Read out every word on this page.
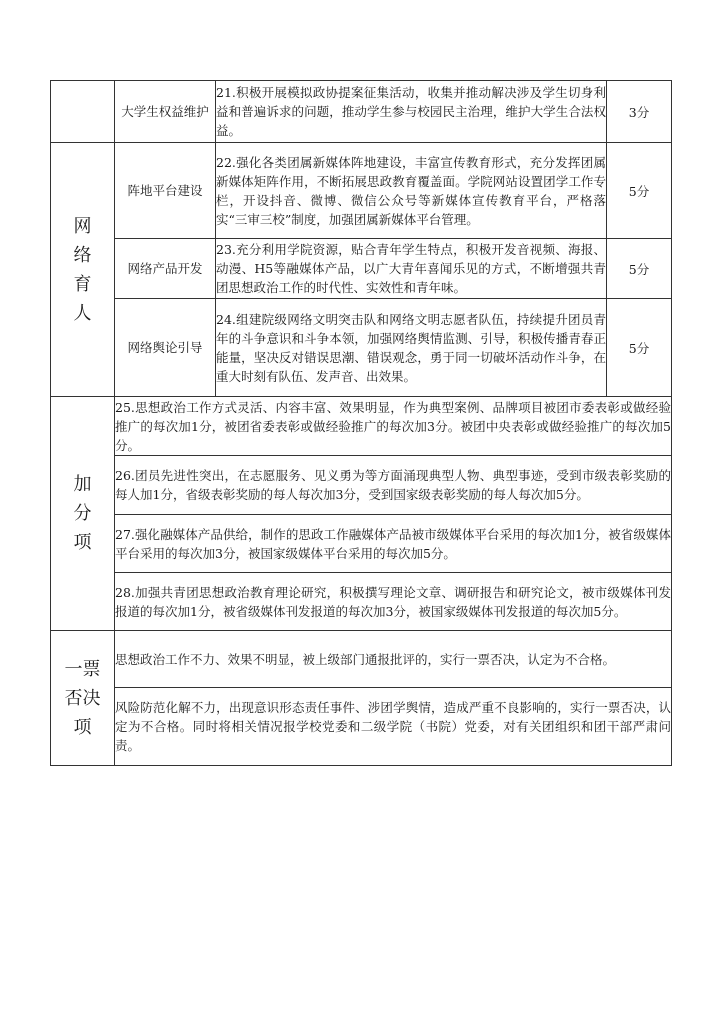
	大学生权益维护	21.积极开展模拟政协提案征集活动，收集并推动解决涉及学生切身利益和普遍诉求的问题，推动学生参与校园民主治理，维护大学生合法权益。	3分

网
络
育
人	阵地平台建设	22.强化各类团属新媒体阵地建设，丰富宣传教育形式，充分发挥团属新媒体矩阵作用，不断拓展思政教育覆盖面。学院网站设置团学工作专栏，开设抖音、微博、微信公众号等新媒体宣传教育平台，严格落实“三审三校”制度，加强团属新媒体平台管理。	5分
	网络产品开发	23.充分利用学院资源，贴合青年学生特点，积极开发音视频、海报、动漫、H5等融媒体产品，以广大青年喜闻乐见的方式，不断增强共青团思想政治工作的时代性、实效性和青年味。	5分
	网络舆论引导	24.组建院级网络文明突击队和网络文明志愿者队伍，持续提升团员青年的斗争意识和斗争本领，加强网络舆情监测、引导，积极传播青春正能量，坚决反对错误思潮、错误观念，勇于同一切破坏活动作斗争，在重大时刻有队伍、发声音、出效果。	5分

加
分
项	25.思想政治工作方式灵活、内容丰富、效果明显，作为典型案例、品牌项目被团市委表彰或做经验推广的每次加1分，被团省委表彰或做经验推广的每次加3分。被团中央表彰或做经验推广的每次加5分。		
	26.团员先进性突出，在志愿服务、见义勇为等方面涌现典型人物、典型事迹，受到市级表彰奖励的每人加1分，省级表彰奖励的每人每次加3分，受到国家级表彰奖励的每人每次加5分。		
	27.强化融媒体产品供给，制作的思政工作融媒体产品被市级媒体平台采用的每次加1分，被省级媒体平台采用的每次加3分，被国家级媒体平台采用的每次加5分。		
	28.加强共青团思想政治教育理论研究，积极撰写理论文章、调研报告和研究论文，被市级媒体刊发报道的每次加1分，被省级媒体刊发报道的每次加3分，被国家级媒体刊发报道的每次加5分。		

一票
否决
项	思想政治工作不力、效果不明显，被上级部门通报批评的，实行一票否决，认定为不合格。		
	风险防范化解不力，出现意识形态责任事件、涉团学舆情，造成严重不良影响的，实行一票否决，认定为不合格。同时将相关情况报学校党委和二级学院（书院）党委，对有关团组织和团干部严肃问责。		
